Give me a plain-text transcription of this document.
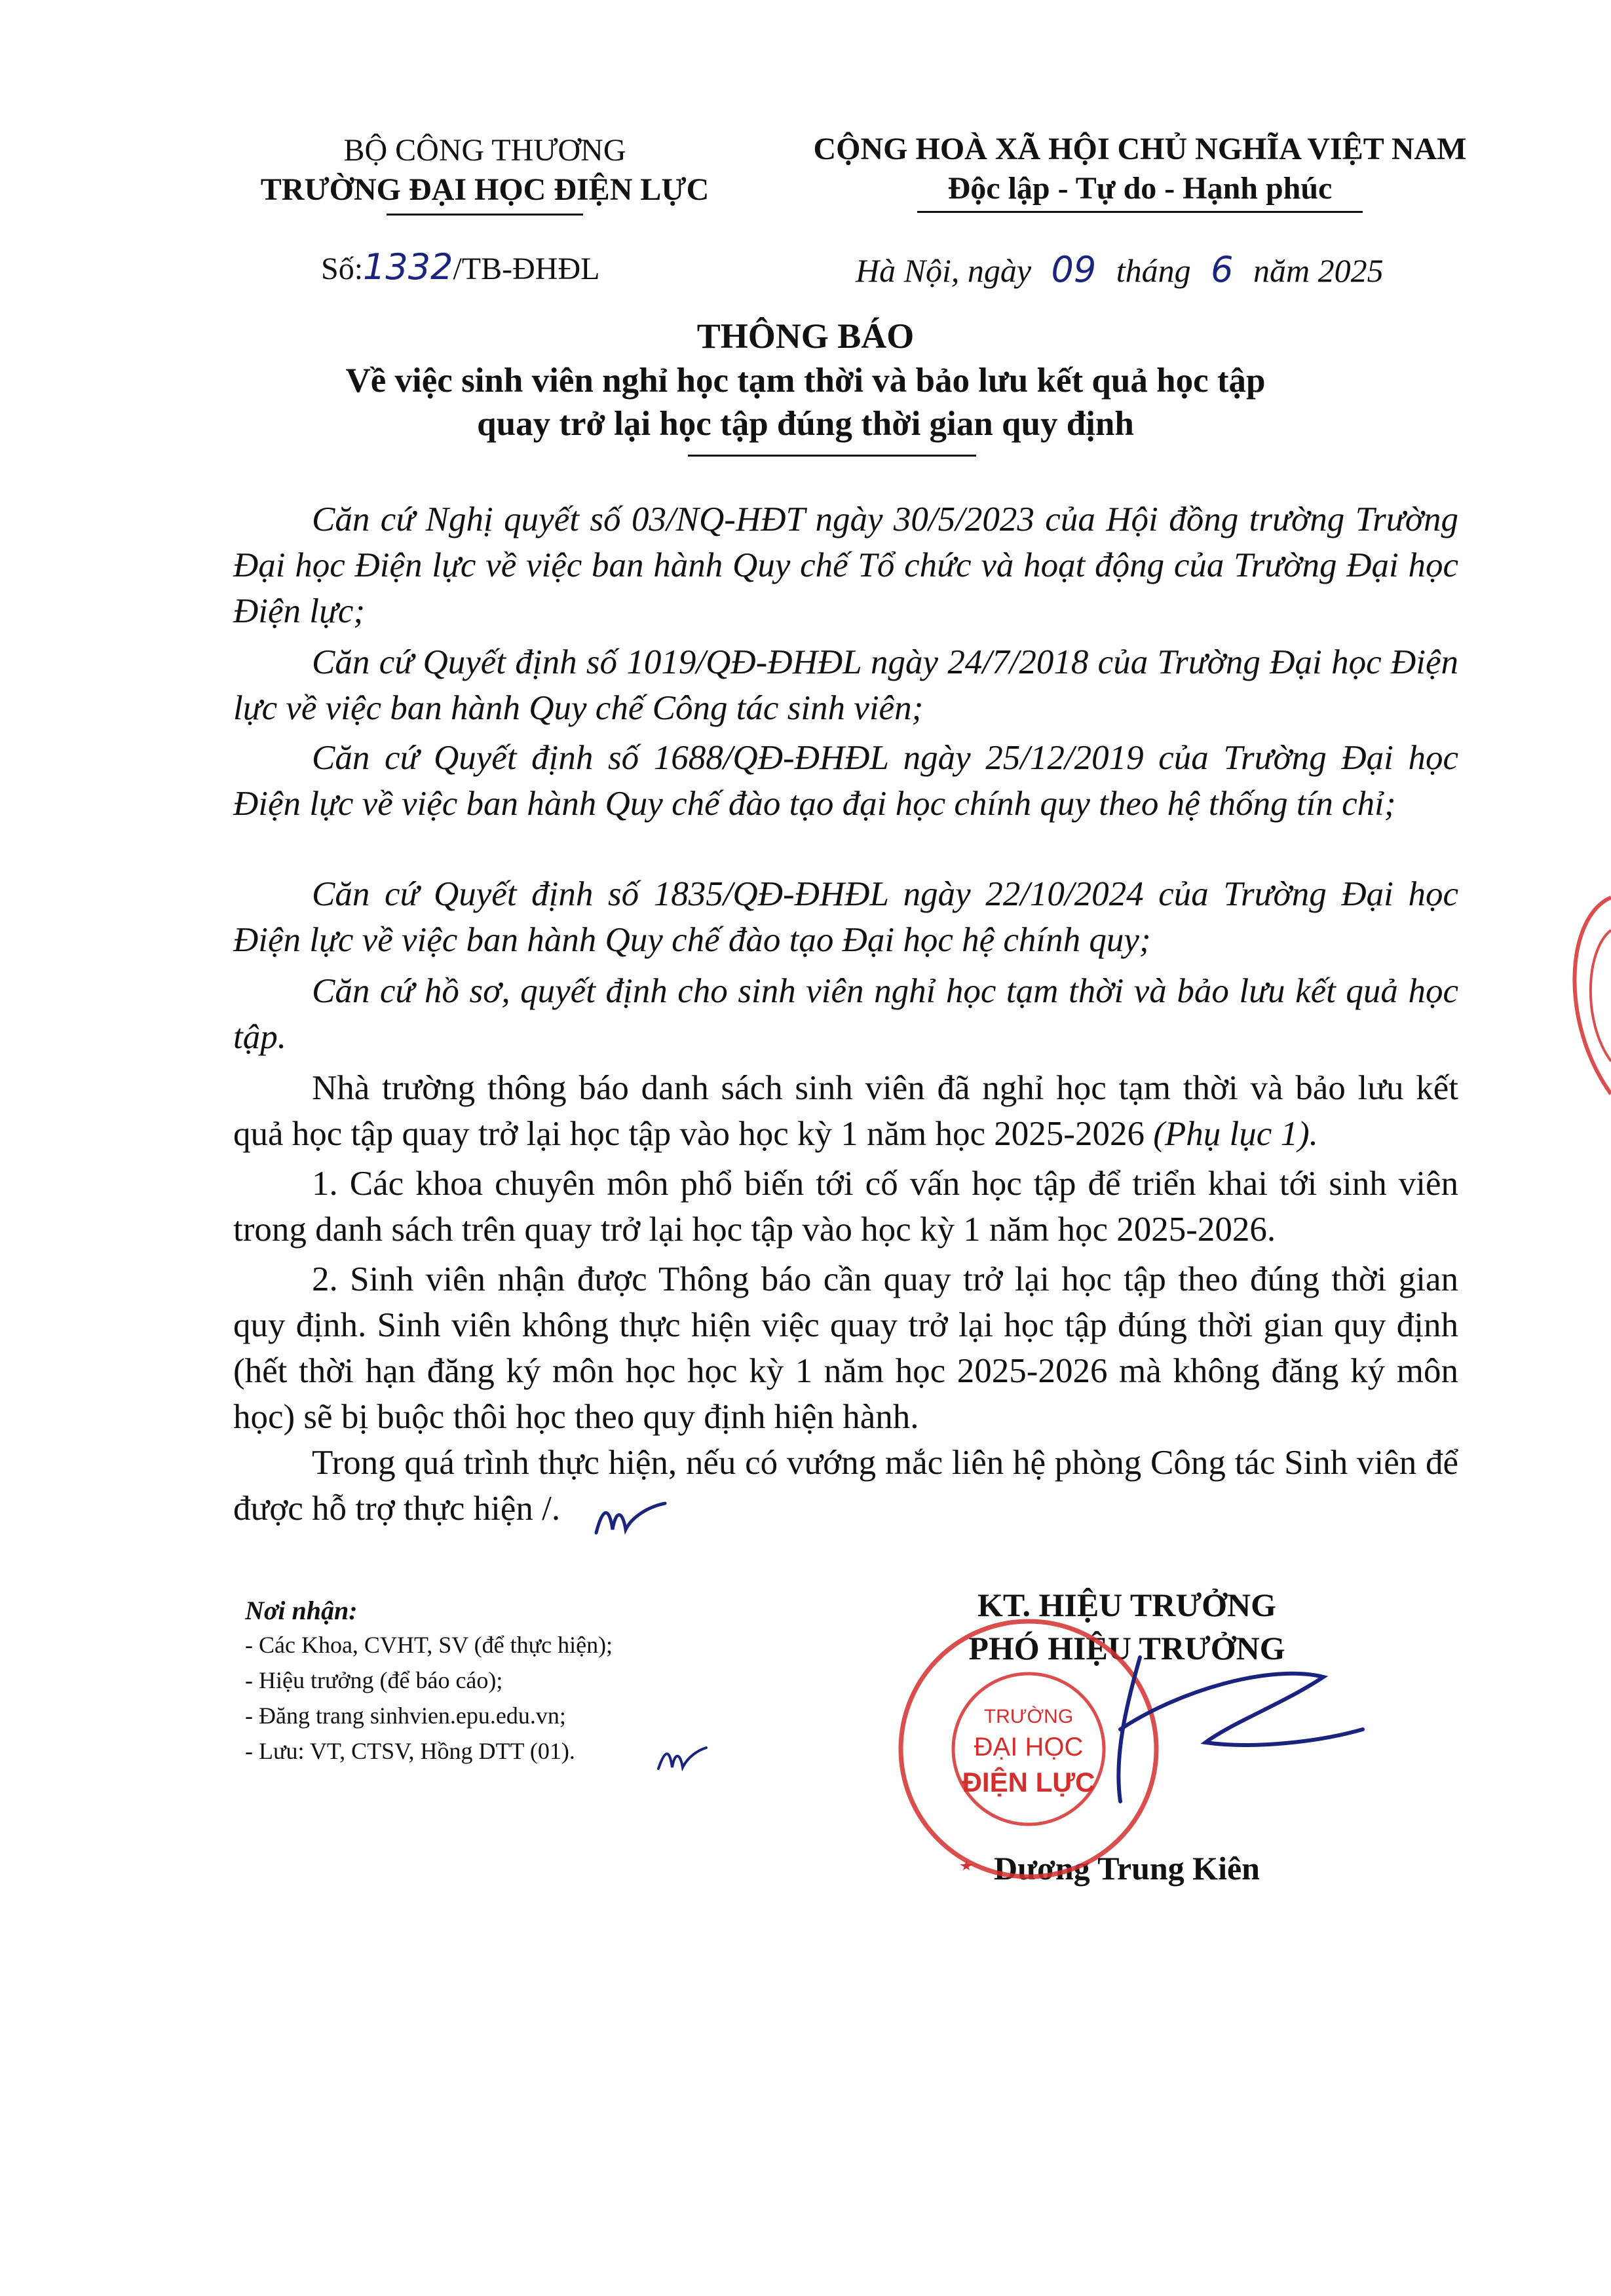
BỘ CÔNG THƯƠNG
TRƯỜNG ĐẠI HỌC ĐIỆN LỰC
Số:1332/TB-ĐHĐL
CỘNG HOÀ XÃ HỘI CHỦ NGHĨA VIỆT NAM
Độc lập - Tự do - Hạnh phúc
Hà Nội, ngày 09 tháng 6 năm 2025
THÔNG BÁO
Về việc sinh viên nghỉ học tạm thời và bảo lưu kết quả học tập
quay trở lại học tập đúng thời gian quy định
Căn cứ Nghị quyết số 03/NQ-HĐT ngày 30/5/2023 của Hội đồng trường Trường Đại học Điện lực về việc ban hành Quy chế Tổ chức và hoạt động của Trường Đại học Điện lực;
Căn cứ Quyết định số 1019/QĐ-ĐHĐL ngày 24/7/2018 của Trường Đại học Điện lực về việc ban hành Quy chế Công tác sinh viên;
Căn cứ Quyết định số 1688/QĐ-ĐHĐL ngày 25/12/2019 của Trường Đại học Điện lực về việc ban hành Quy chế đào tạo đại học chính quy theo hệ thống tín chỉ;
Căn cứ Quyết định số 1835/QĐ-ĐHĐL ngày 22/10/2024 của Trường Đại học Điện lực về việc ban hành Quy chế đào tạo Đại học hệ chính quy;
Căn cứ hồ sơ, quyết định cho sinh viên nghỉ học tạm thời và bảo lưu kết quả học tập.
Nhà trường thông báo danh sách sinh viên đã nghỉ học tạm thời và bảo lưu kết quả học tập quay trở lại học tập vào học kỳ 1 năm học 2025-2026 (Phụ lục 1).
1. Các khoa chuyên môn phổ biến tới cố vấn học tập để triển khai tới sinh viên trong danh sách trên quay trở lại học tập vào học kỳ 1 năm học 2025-2026.
2. Sinh viên nhận được Thông báo cần quay trở lại học tập theo đúng thời gian quy định. Sinh viên không thực hiện việc quay trở lại học tập đúng thời gian quy định (hết thời hạn đăng ký môn học học kỳ 1 năm học 2025-2026 mà không đăng ký môn học) sẽ bị buộc thôi học theo quy định hiện hành.
Trong quá trình thực hiện, nếu có vướng mắc liên hệ phòng Công tác Sinh viên để được hỗ trợ thực hiện /.
Nơi nhận:
- Các Khoa, CVHT, SV (để thực hiện);
- Hiệu trưởng (để báo cáo);
- Đăng trang sinhvien.epu.edu.vn;
- Lưu: VT, CTSV, Hồng DTT (01).
KT. HIỆU TRƯỞNG
PHÓ HIỆU TRƯỞNG
Dương Trung Kiên
TRƯỜNG
ĐẠI HỌC
ĐIỆN LỰC
